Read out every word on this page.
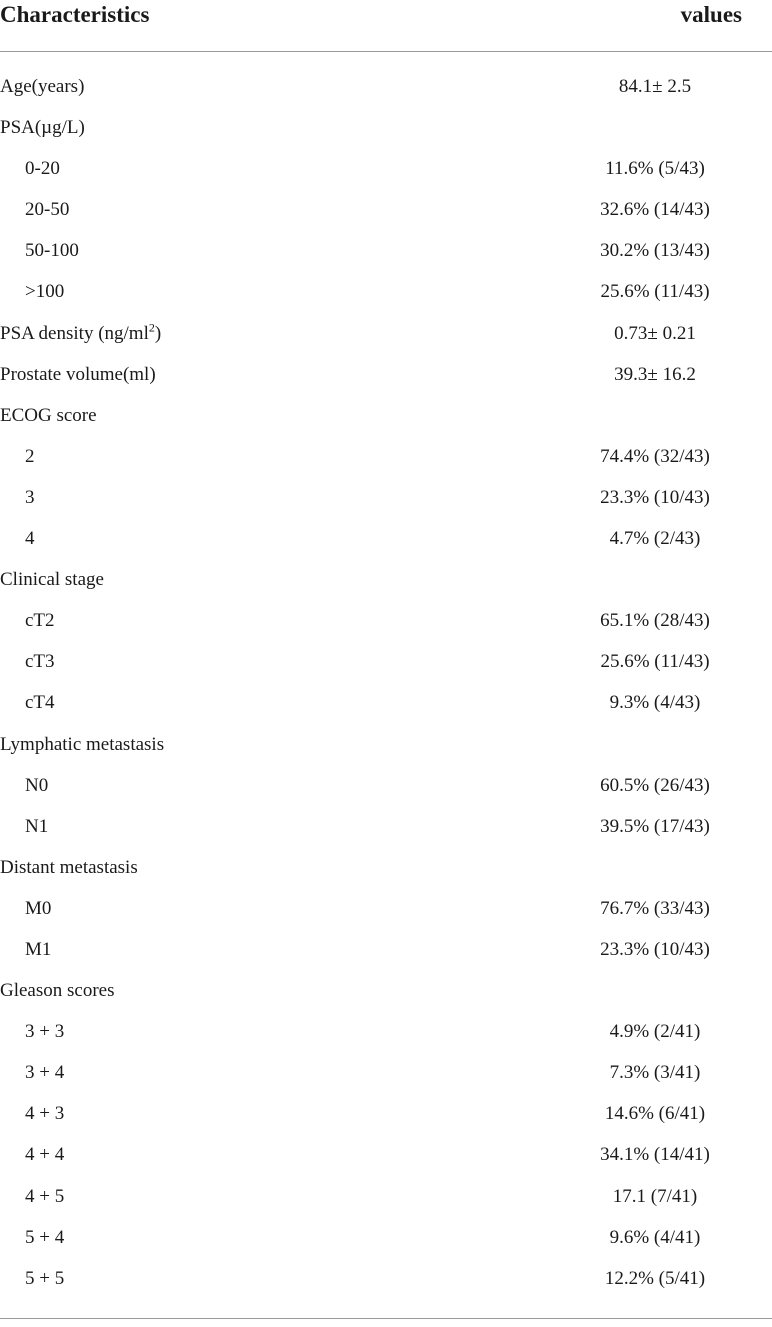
Characteristics	values
Age(years)	84.1± 2.5
PSA(µg/L)
0-20	11.6% (5/43)
20-50	32.6% (14/43)
50-100	30.2% (13/43)
>100	25.6% (11/43)
PSA density $(ng/ml^2)$	0.73± 0.21
Prostate volume(ml)	39.3± 16.2
ECOG score
2	74.4% (32/43)
3	23.3% (10/43)
4	4.7% (2/43)
Clinical stage
cT2	65.1% (28/43)
cT3	25.6% (11/43)
cT4	9.3% (4/43)
Lymphatic metastasis
N0	60.5% (26/43)
N1	39.5% (17/43)
Distant metastasis
M0	76.7% (33/43)
M1	23.3% (10/43)
Gleason scores
3 + 3	4.9% (2/41)
3 + 4	7.3% (3/41)
4 + 3	14.6% (6/41)
4 + 4	34.1% (14/41)
4 + 5	17.1 (7/41)
5 + 4	9.6% (4/41)
5 + 5	12.2% (5/41)
